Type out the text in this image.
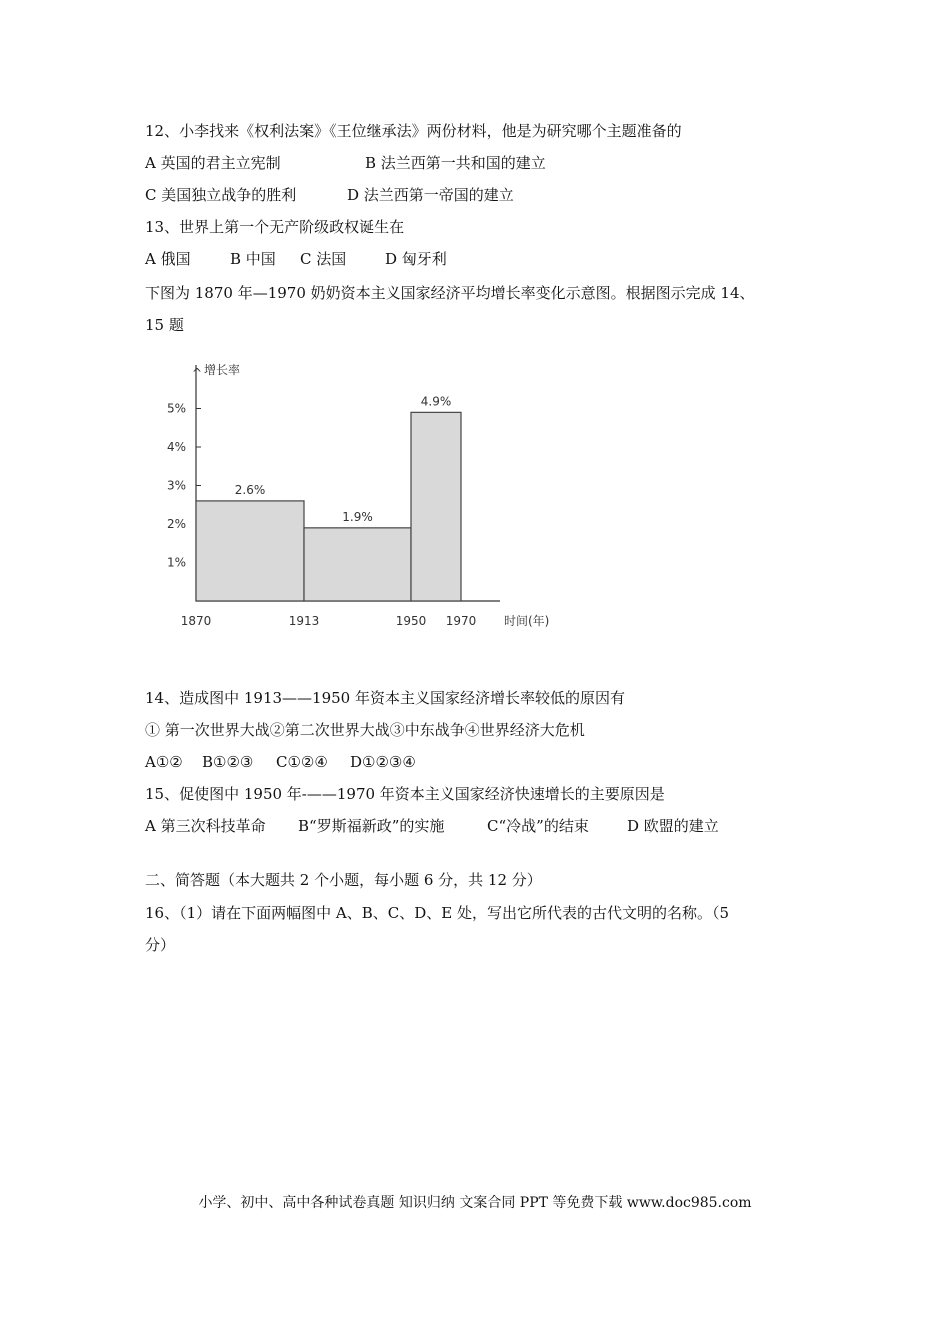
12、小李找来《权利法案》《王位继承法》两份材料，他是为研究哪个主题准备的
A 英国的君主立宪制	B 法兰西第一共和国的建立
C 美国独立战争的胜利	D 法兰西第一帝国的建立
13、世界上第一个无产阶级政权诞生在
A 俄国	B 中国 C 法国	D 匈牙利
下图为 1870 年—1970 奶奶资本主义国家经济平均增长率变化示意图。根据图示完成 14、
15 题
^ 增长率
时间(年)
1%
2%
3%
4%
5%
1870	1913	1950 1970
2.6%
1.9%
4.9%
14、造成图中 1913——1950 年资本主义国家经济增长率较低的原因有
① 第一次世界大战②第二次世界大战③中东战争④世界经济大危机
A①② B①②③ C①②④ D①②③④
15、促使图中 1950 年-——1970 年资本主义国家经济快速增长的主要原因是
A 第三次科技革命 B“罗斯福新政”的实施	C“冷战”的结束	D 欧盟的建立
二、简答题（本大题共 2 个小题，每小题 6 分，共 12 分）
16、（1）请在下面两幅图中 A、B、C、D、E 处，写出它所代表的古代文明的名称。（5
分）
小学、初中、高中各种试卷真题 知识归纳 文案合同 PPT 等免费下载 www.doc985.com
